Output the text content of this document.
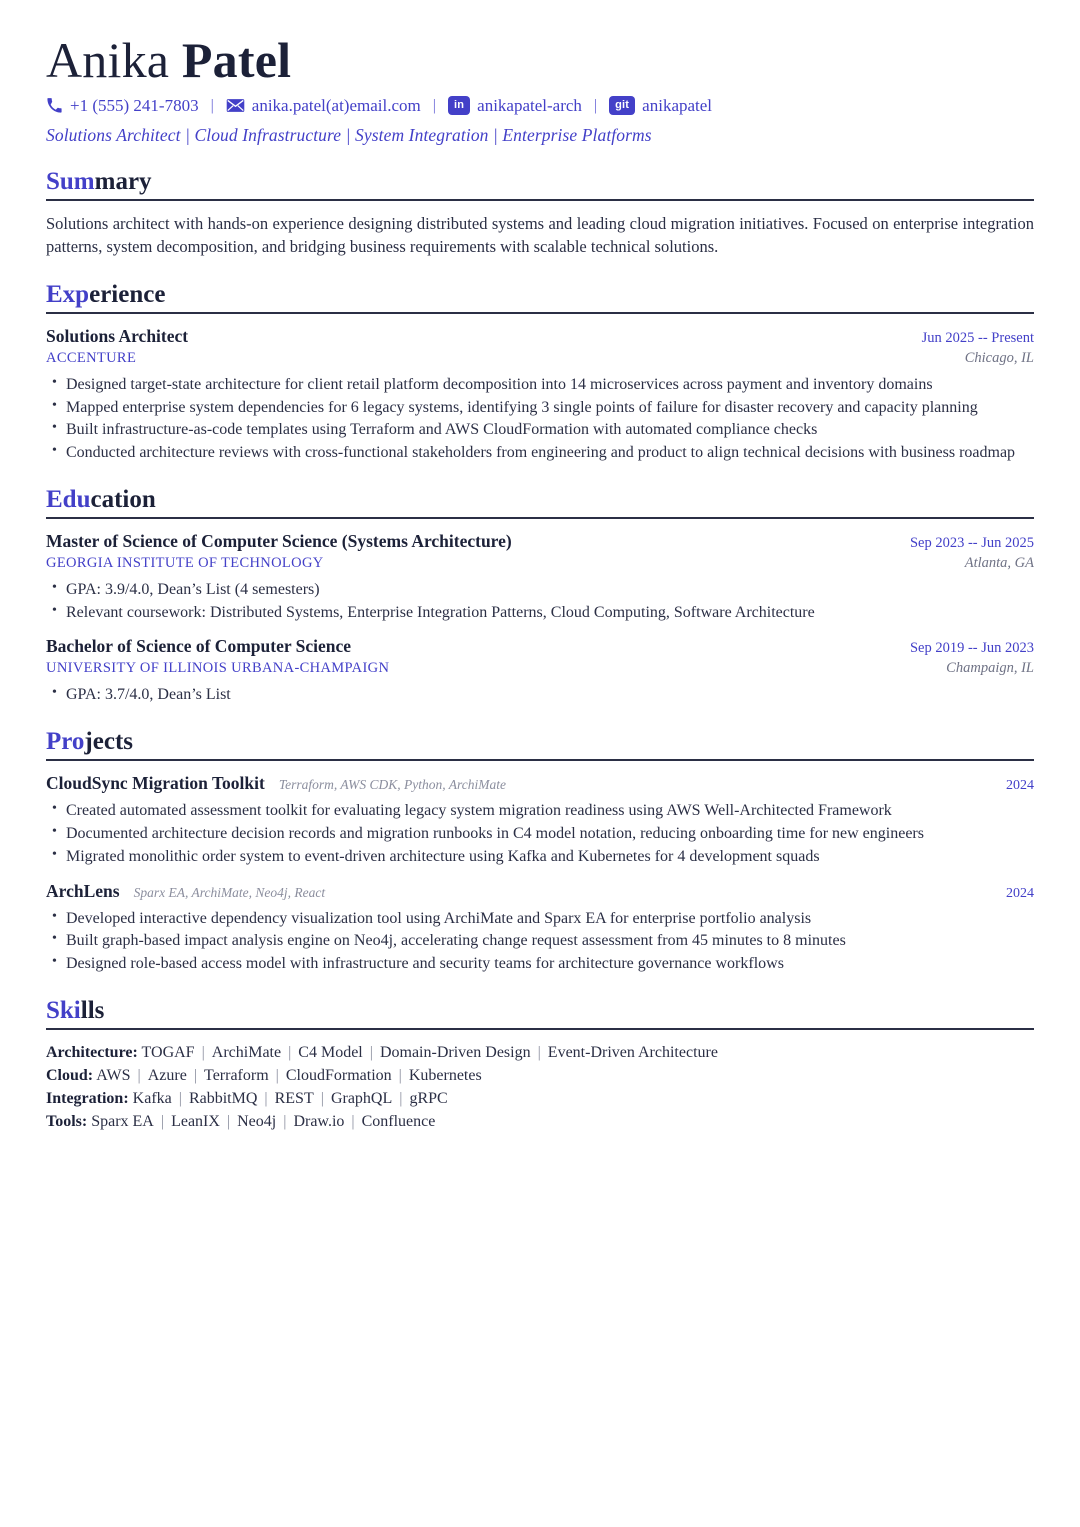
Anika Patel
+1 (555) 241-7803 |	anika.patel(at)email.com |	in anikapatel-arch |	git anikapatel
Solutions Architect | Cloud Infrastructure | System Integration | Enterprise Platforms
Summary

Solutions architect with hands-on experience designing distributed systems and leading cloud migration initiatives. Focused on enterprise integration patterns, system decomposition, and bridging business requirements with scalable technical solutions.

Experience
Solutions Architect	Jun 2025 -- Present
ACCENTURE	Chicago, IL
• Designed target-state architecture for client retail platform decomposition into 14 microservices across payment and inventory domains
• Mapped enterprise system dependencies for 6 legacy systems, identifying 3 single points of failure for disaster recovery and capacity planning
• Built infrastructure-as-code templates using Terraform and AWS CloudFormation with automated compliance checks
• Conducted architecture reviews with cross-functional stakeholders from engineering and product to align technical decisions with business roadmap
Education
Master of Science of Computer Science (Systems Architecture)	Sep 2023 -- Jun 2025
GEORGIA INSTITUTE OF TECHNOLOGY	Atlanta, GA
• GPA: 3.9/4.0, Dean’s List (4 semesters)
• Relevant coursework: Distributed Systems, Enterprise Integration Patterns, Cloud Computing, Software Architecture
Bachelor of Science of Computer Science	Sep 2019 -- Jun 2023
UNIVERSITY OF ILLINOIS URBANA-CHAMPAIGN	Champaign, IL
• GPA: 3.7/4.0, Dean’s List
Projects
CloudSync Migration Toolkit Terraform, AWS CDK, Python, ArchiMate	2024
• Created automated assessment toolkit for evaluating legacy system migration readiness using AWS Well-Architected Framework
• Documented architecture decision records and migration runbooks in C4 model notation, reducing onboarding time for new engineers
• Migrated monolithic order system to event-driven architecture using Kafka and Kubernetes for 4 development squads
ArchLens Sparx EA, ArchiMate, Neo4j, React	2024
• Developed interactive dependency visualization tool using ArchiMate and Sparx EA for enterprise portfolio analysis
• Built graph-based impact analysis engine on Neo4j, accelerating change request assessment from 45 minutes to 8 minutes
• Designed role-based access model with infrastructure and security teams for architecture governance workflows
Skills
Architecture: TOGAF | ArchiMate | C4 Model | Domain-Driven Design | Event-Driven Architecture
Cloud: AWS | Azure | Terraform | CloudFormation | Kubernetes
Integration: Kafka | RabbitMQ | REST | GraphQL | gRPC
Tools: Sparx EA | LeanIX | Neo4j | Draw.io | Confluence
